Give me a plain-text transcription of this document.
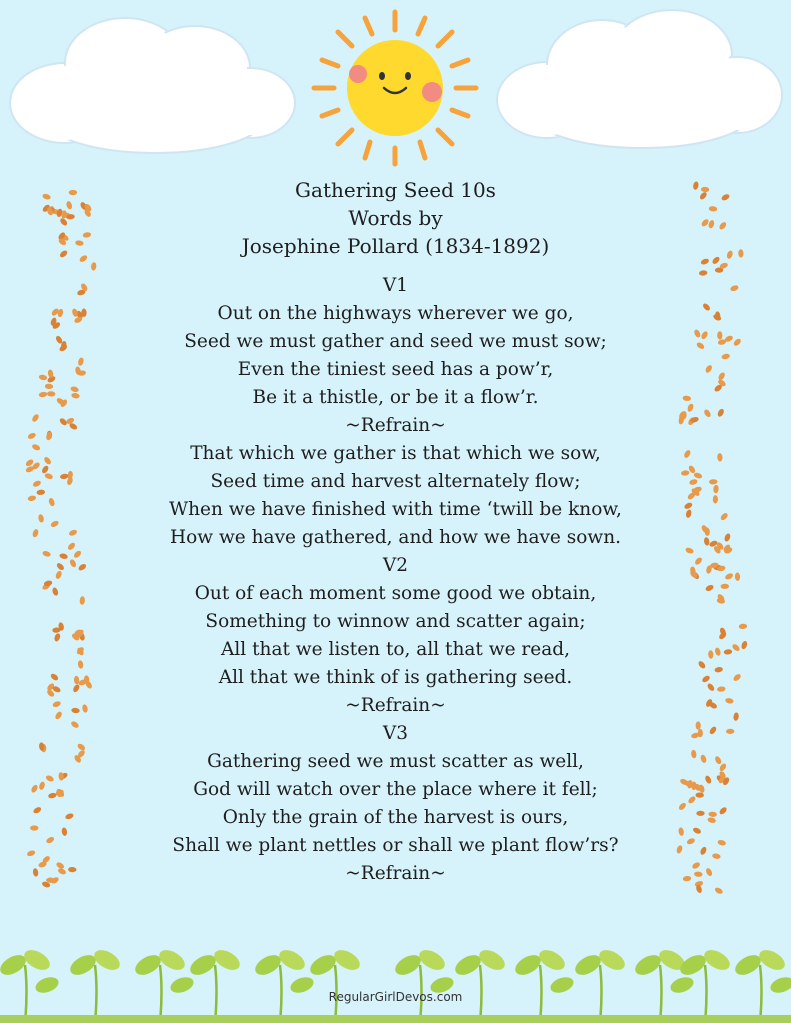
Gathering Seed 10s
Words by
Josephine Pollard (1834-1892)
V1
Out on the highways wherever we go,
Seed we must gather and seed we must sow;
Even the tiniest seed has a pow’r,
Be it a thistle, or be it a flow’r.
~Refrain~
That which we gather is that which we sow,
Seed time and harvest alternately flow;
When we have finished with time ‘twill be know,
How we have gathered, and how we have sown.
V2
Out of each moment some good we obtain,
Something to winnow and scatter again;
All that we listen to, all that we read,
All that we think of is gathering seed.
~Refrain~
V3
Gathering seed we must scatter as well,
God will watch over the place where it fell;
Only the grain of the harvest is ours,
Shall we plant nettles or shall we plant flow’rs?
~Refrain~
RegularGirlDevos.com
